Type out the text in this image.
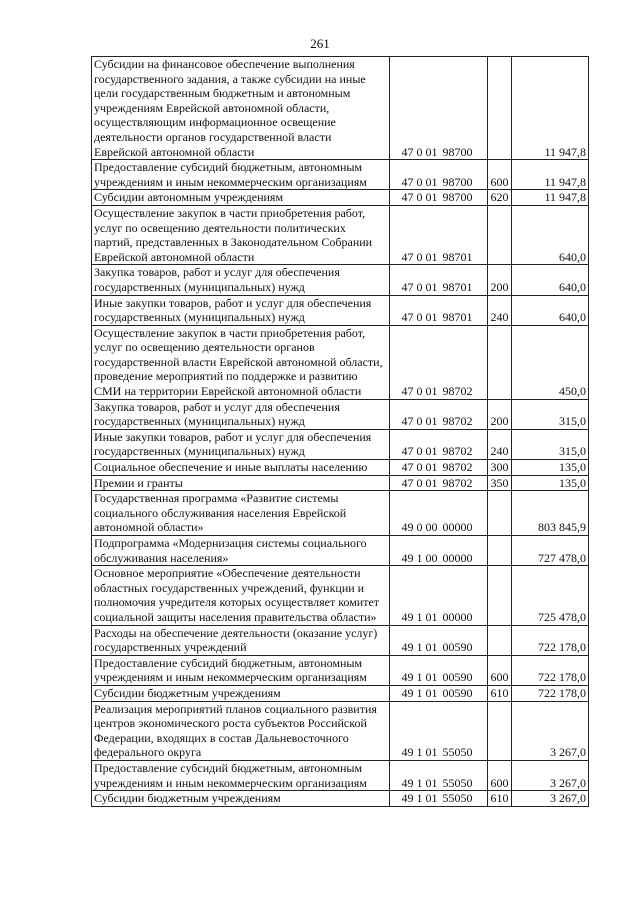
261
Субсидии на финансовое обеспечение выполнения государственного задания, а также субсидии на иные цели государственным бюджетным и автономным учреждениям Еврейской автономной области, осуществляющим информационное освещение деятельности органов государственной власти Еврейской автономной области	47 0 01 98700		11 947,8
Предоставление субсидий бюджетным, автономным учреждениям и иным некоммерческим организациям	47 0 01 98700	600	11 947,8
Субсидии автономным учреждениям	47 0 01 98700	620	11 947,8
Осуществление закупок в части приобретения работ, услуг по освещению деятельности политических партий, представленных в Законодательном Собрании Еврейской автономной области	47 0 01 98701		640,0
Закупка товаров, работ и услуг для обеспечения государственных (муниципальных) нужд	47 0 01 98701	200	640,0
Иные закупки товаров, работ и услуг для обеспечения государственных (муниципальных) нужд	47 0 01 98701	240	640,0
Осуществление закупок в части приобретения работ, услуг по освещению деятельности органов государственной власти Еврейской автономной области, проведение мероприятий по поддержке и развитию СМИ на территории Еврейской автономной области	47 0 01 98702		450,0
Закупка товаров, работ и услуг для обеспечения государственных (муниципальных) нужд	47 0 01 98702	200	315,0
Иные закупки товаров, работ и услуг для обеспечения государственных (муниципальных) нужд	47 0 01 98702	240	315,0
Социальное обеспечение и иные выплаты населению	47 0 01 98702	300	135,0
Премии и гранты	47 0 01 98702	350	135,0
Государственная программа «Развитие системы социального обслуживания населения Еврейской автономной области»	49 0 00 00000		803 845,9
Подпрограмма «Модернизация системы социального обслуживания населения»	49 1 00 00000		727 478,0
Основное мероприятие «Обеспечение деятельности областных государственных учреждений, функции и полномочия учредителя которых осуществляет комитет социальной защиты населения правительства области»	49 1 01 00000		725 478,0
Расходы на обеспечение деятельности (оказание услуг) государственных учреждений	49 1 01 00590		722 178,0
Предоставление субсидий бюджетным, автономным учреждениям и иным некоммерческим организациям	49 1 01 00590	600	722 178,0
Субсидии бюджетным учреждениям	49 1 01 00590	610	722 178,0
Реализация мероприятий планов социального развития центров экономического роста субъектов Российской Федерации, входящих в состав Дальневосточного федерального округа	49 1 01 55050		3 267,0
Предоставление субсидий бюджетным, автономным учреждениям и иным некоммерческим организациям	49 1 01 55050	600	3 267,0
Субсидии бюджетным учреждениям	49 1 01 55050	610	3 267,0
